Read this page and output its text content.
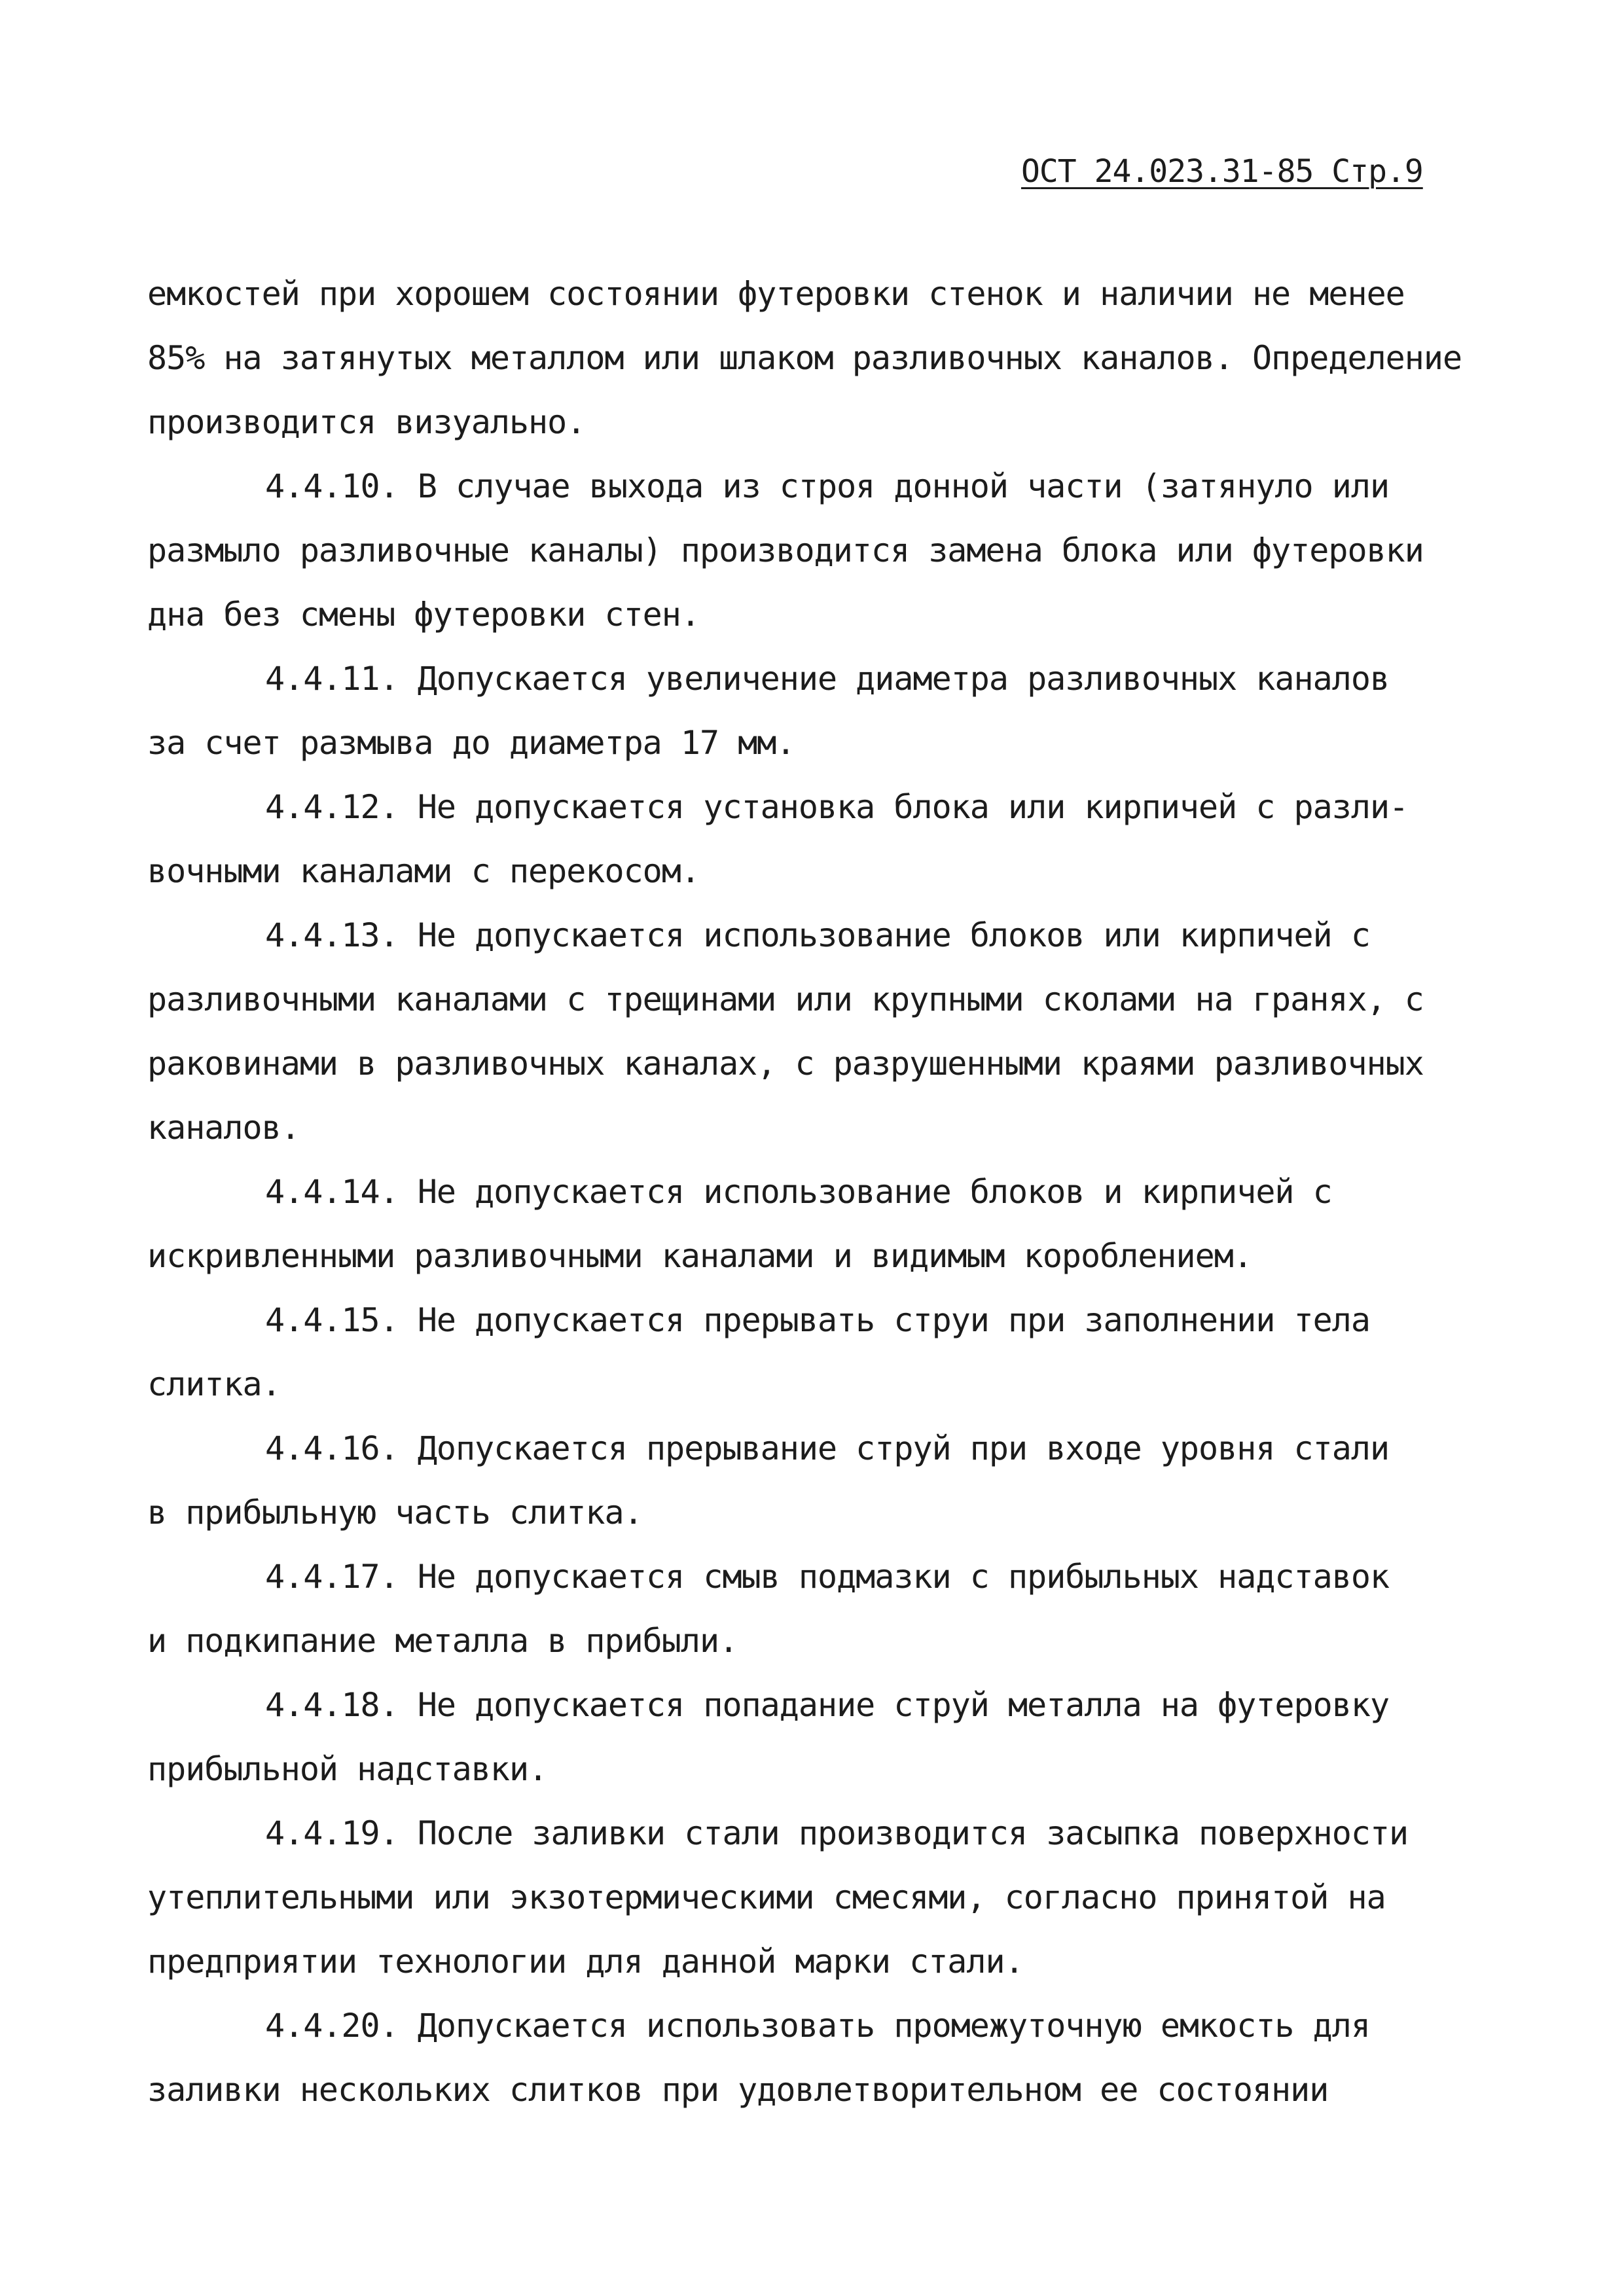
ОСТ 24.023.31-85 Стр.9
емкостей при хорошем состоянии футеровки стенок и наличии не менее
85% на затянутых металлом или шлаком разливочных каналов. Определение
производится визуально.
4.4.10. В случае выхода из строя донной части (затянуло или
размыло разливочные каналы) производится замена блока или футеровки
дна без смены футеровки стен.
4.4.11. Допускается увеличение диаметра разливочных каналов
за счет размыва до диаметра 17 мм.
4.4.12. Не допускается установка блока или кирпичей с разли-
вочными каналами с перекосом.
4.4.13. Не допускается использование блоков или кирпичей с
разливочными каналами с трещинами или крупными сколами на гранях, с
раковинами в разливочных каналах, с разрушенными краями разливочных
каналов.
4.4.14. Не допускается использование блоков и кирпичей с
искривленными разливочными каналами и видимым короблением.
4.4.15. Не допускается прерывать струи при заполнении тела
слитка.
4.4.16. Допускается прерывание струй при входе уровня стали
в прибыльную часть слитка.
4.4.17. Не допускается смыв подмазки с прибыльных надставок
и подкипание металла в прибыли.
4.4.18. Не допускается попадание струй металла на футеровку
прибыльной надставки.
4.4.19. После заливки стали производится засыпка поверхности
утеплительными или экзотермическими смесями, согласно принятой на
предприятии технологии для данной марки стали.
4.4.20. Допускается использовать промежуточную емкость для
заливки нескольких слитков при удовлетворительном ее состоянии
